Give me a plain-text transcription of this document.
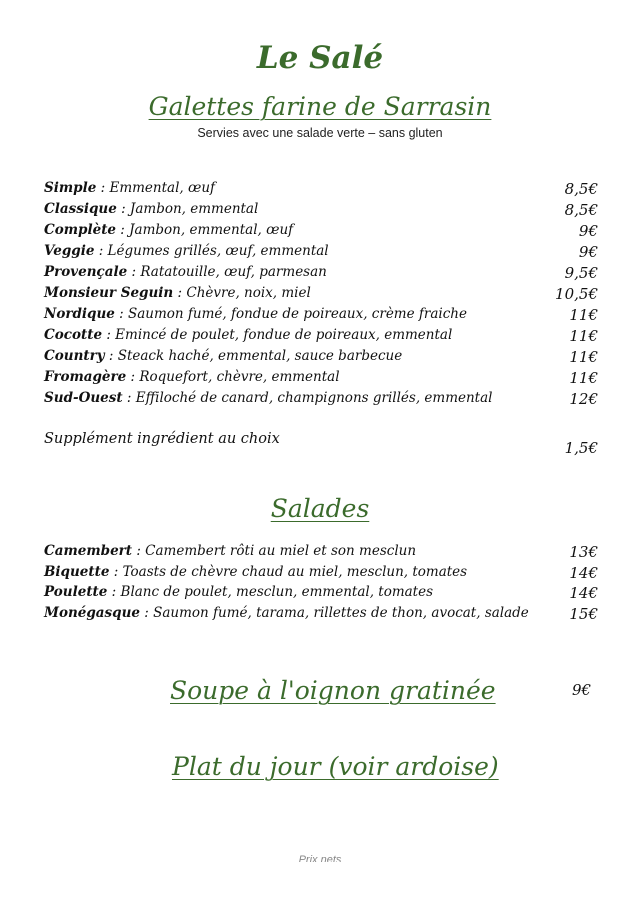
Le Salé
Galettes farine de Sarrasin
Servies avec une salade verte – sans gluten
Simple : Emmental, œuf	8,5€
Classique : Jambon, emmental	8,5€
Complète : Jambon, emmental, œuf	9€
Veggie : Légumes grillés, œuf, emmental	9€
Provençale : Ratatouille, œuf, parmesan	9,5€
Monsieur Seguin : Chèvre, noix, miel	10,5€
Nordique : Saumon fumé, fondue de poireaux, crème fraiche	11€
Cocotte : Emincé de poulet, fondue de poireaux, emmental	11€
Country : Steack haché, emmental, sauce barbecue	11€
Fromagère : Roquefort, chèvre, emmental	11€
Sud-Ouest : Effiloché de canard, champignons grillés, emmental	12€
Supplément ingrédient au choix	1,5€
Salades
Camembert : Camembert rôti au miel et son mesclun	13€
Biquette : Toasts de chèvre chaud au miel, mesclun, tomates	14€
Poulette : Blanc de poulet, mesclun, emmental, tomates	14€
Monégasque : Saumon fumé, tarama, rillettes de thon, avocat, salade	15€
Soupe à l'oignon gratinée	9€
Plat du jour (voir ardoise)
Prix nets
